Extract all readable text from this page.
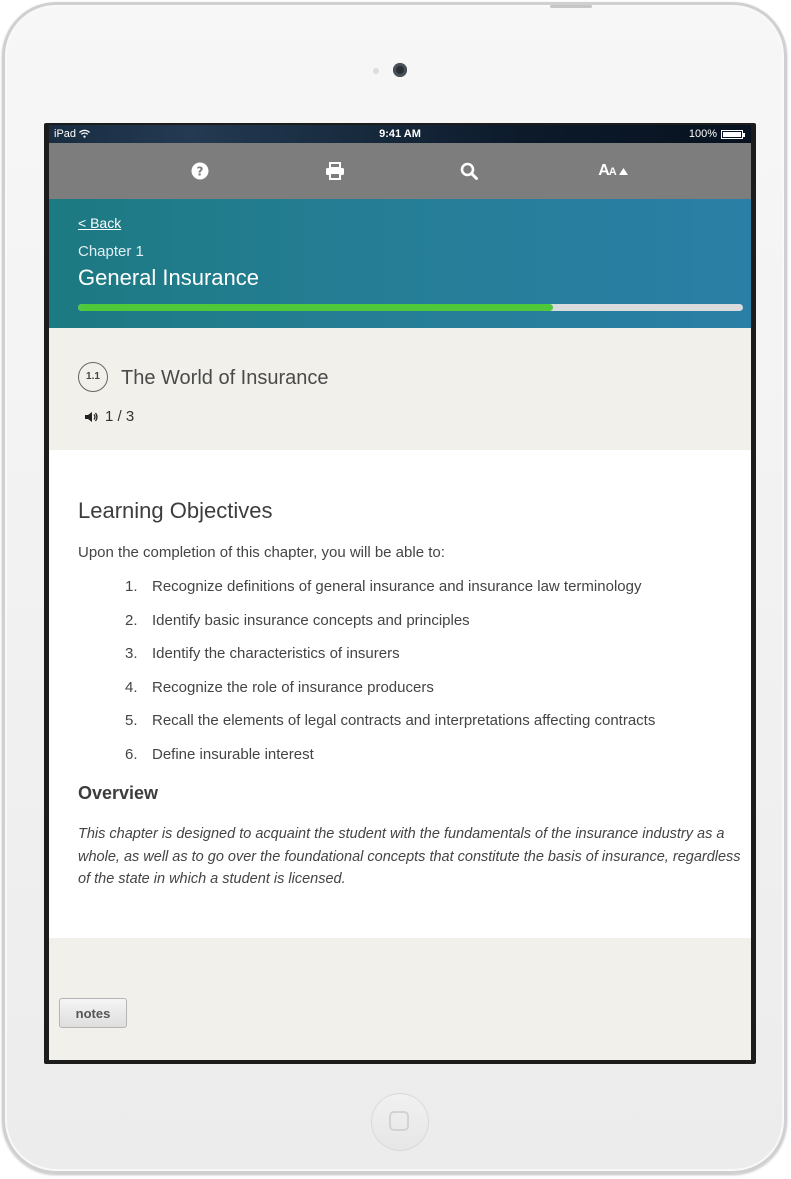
iPad	9:41 AM	100%
?	AA
< Back
Chapter 1
General Insurance
1.1	The World of Insurance
1 / 3
Learning Objectives
Upon the completion of this chapter, you will be able to:
1. Recognize definitions of general insurance and insurance law terminology
2. Identify basic insurance concepts and principles
3. Identify the characteristics of insurers
4. Recognize the role of insurance producers
5. Recall the elements of legal contracts and interpretations affecting contracts
6. Define insurable interest
Overview

This chapter is designed to acquaint the student with the fundamentals of the insurance industry as a whole, as well as to go over the foundational concepts that constitute the basis of insurance, regardless of the state in which a student is licensed.

notes
